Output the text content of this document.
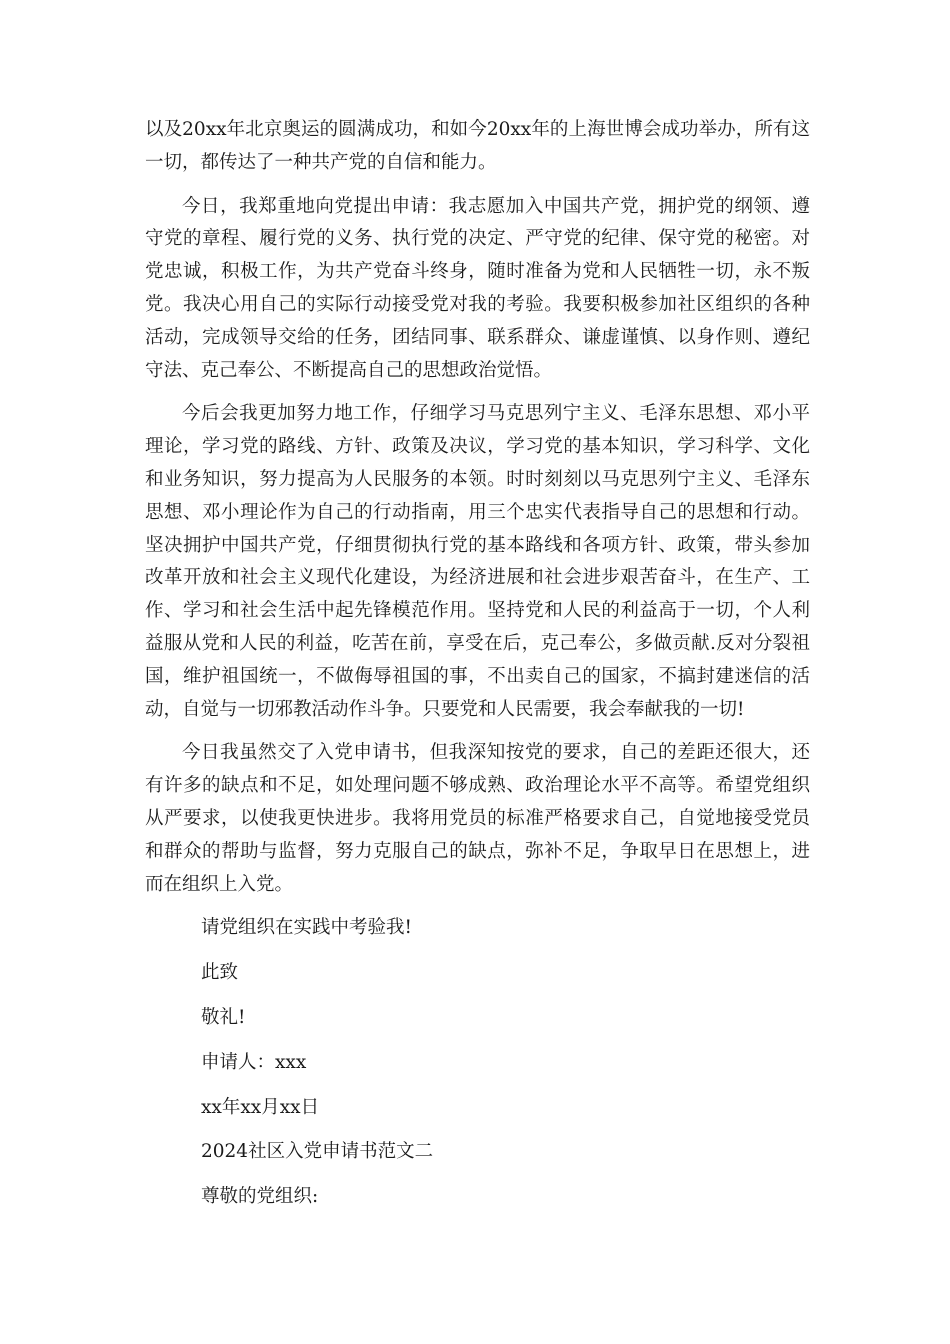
以及20xx年北京奥运的圆满成功，和如今20xx年的上海世博会成功举办，所有这一切，都传达了一种共产党的自信和能力。

今日，我郑重地向党提出申请：我志愿加入中国共产党，拥护党的纲领、遵守党的章程、履行党的义务、执行党的决定、严守党的纪律、保守党的秘密。对党忠诚，积极工作，为共产党奋斗终身，随时准备为党和人民牺牲一切，永不叛党。我决心用自己的实际行动接受党对我的考验。我要积极参加社区组织的各种活动，完成领导交给的任务，团结同事、联系群众、谦虚谨慎、以身作则、遵纪守法、克己奉公、不断提高自己的思想政治觉悟。

今后会我更加努力地工作，仔细学习马克思列宁主义、毛泽东思想、邓小平理论，学习党的路线、方针、政策及决议，学习党的基本知识，学习科学、文化和业务知识，努力提高为人民服务的本领。时时刻刻以马克思列宁主义、毛泽东思想、邓小理论作为自己的行动指南，用三个忠实代表指导自己的思想和行动。坚决拥护中国共产党，仔细贯彻执行党的基本路线和各项方针、政策，带头参加改革开放和社会主义现代化建设，为经济进展和社会进步艰苦奋斗，在生产、工作、学习和社会生活中起先锋模范作用。坚持党和人民的利益高于一切，个人利益服从党和人民的利益，吃苦在前，享受在后，克己奉公，多做贡献.反对分裂祖国，维护祖国统一，不做侮辱祖国的事，不出卖自己的国家，不搞封建迷信的活动，自觉与一切邪教活动作斗争。只要党和人民需要，我会奉献我的一切!

今日我虽然交了入党申请书，但我深知按党的要求，自己的差距还很大，还有许多的缺点和不足，如处理问题不够成熟、政治理论水平不高等。希望党组织从严要求，以使我更快进步。我将用党员的标准严格要求自己，自觉地接受党员和群众的帮助与监督，努力克服自己的缺点，弥补不足，争取早日在思想上，进而在组织上入党。

请党组织在实践中考验我!
此致
敬礼!
申请人：xxx
xx年xx月xx日
2024社区入党申请书范文二
尊敬的党组织:
